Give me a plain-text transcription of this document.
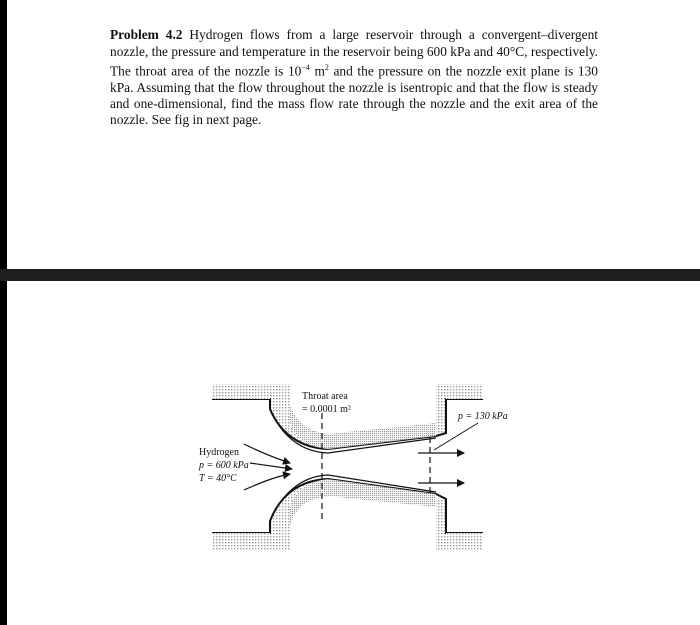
Problem 4.2 Hydrogen flows from a large reservoir through a convergent–divergent nozzle, the pressure and temperature in the reservoir being 600 kPa and 40°C, respectively. The throat area of the nozzle is $10^{-4}$ $m^2$ and the pressure on the nozzle exit plane is 130 kPa. Assuming that the flow throughout the nozzle is isentropic and that the flow is steady and one-dimensional, find the mass flow rate through the nozzle and the exit area of the nozzle. See fig in next page.

Throat area
= 0.0001 m²
p = 130 kPa
Hydrogen
p = 600 kPa
T = 40°C
